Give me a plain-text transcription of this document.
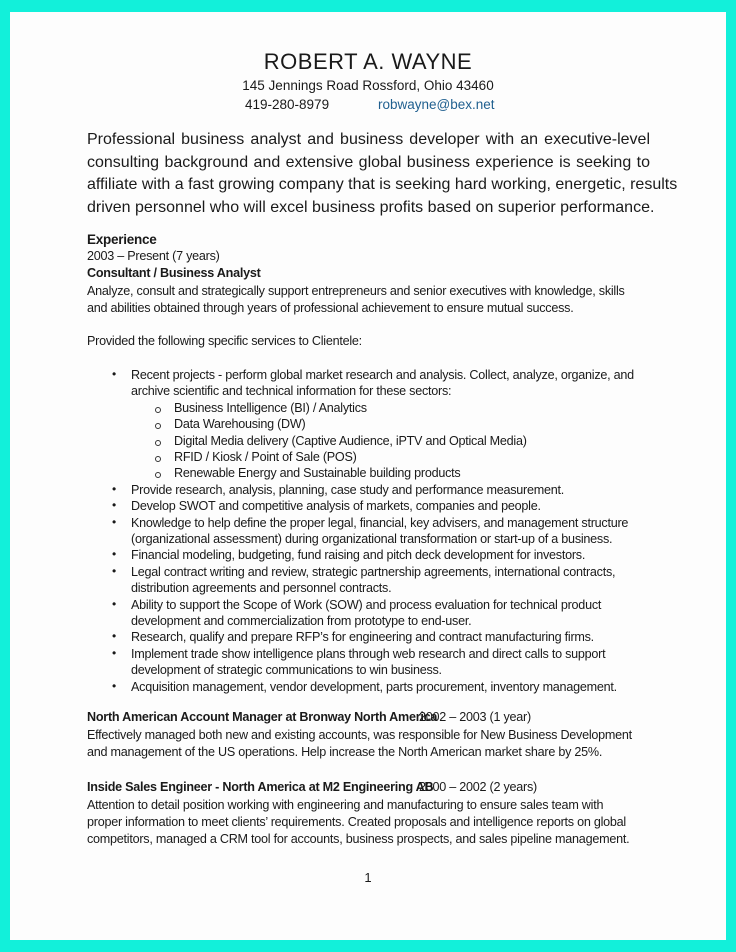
ROBERT A. WAYNE
145 Jennings Road Rossford, Ohio 43460
419-280-8979	robwayne@bex.net
Professional business analyst and business developer with an executive-level
consulting background and extensive global business experience is seeking to
affiliate with a fast growing company that is seeking hard working, energetic, results
driven personnel who will excel business profits based on superior performance.
Experience
2003 – Present (7 years)
Consultant / Business Analyst
Analyze, consult and strategically support entrepreneurs and senior executives with knowledge, skills
and abilities obtained through years of professional achievement to ensure mutual success.
Provided the following specific services to Clientele:
• Recent projects - perform global market research and analysis. Collect, analyze, organize, and
archive scientific and technical information for these sectors:
Business Intelligence (BI) / Analytics
Data Warehousing (DW)
Digital Media delivery (Captive Audience, iPTV and Optical Media)
RFID / Kiosk / Point of Sale (POS)
Renewable Energy and Sustainable building products
• Provide research, analysis, planning, case study and performance measurement.
• Develop SWOT and competitive analysis of markets, companies and people.
• Knowledge to help define the proper legal, financial, key advisers, and management structure
(organizational assessment) during organizational transformation or start-up of a business.
• Financial modeling, budgeting, fund raising and pitch deck development for investors.
• Legal contract writing and review, strategic partnership agreements, international contracts,
distribution agreements and personnel contracts.
• Ability to support the Scope of Work (SOW) and process evaluation for technical product
development and commercialization from prototype to end-user.
• Research, qualify and prepare RFP’s for engineering and contract manufacturing firms.
• Implement trade show intelligence plans through web research and direct calls to support
development of strategic communications to win business.
• Acquisition management, vendor development, parts procurement, inventory management.
North American Account Manager at Bronway North America
2002 – 2003 (1 year)
Effectively managed both new and existing accounts, was responsible for New Business Development
and management of the US operations. Help increase the North American market share by 25%.
Inside Sales Engineer - North America at M2 Engineering AB
2000 – 2002 (2 years)
Attention to detail position working with engineering and manufacturing to ensure sales team with
proper information to meet clients’ requirements. Created proposals and intelligence reports on global
competitors, managed a CRM tool for accounts, business prospects, and sales pipeline management.
1
